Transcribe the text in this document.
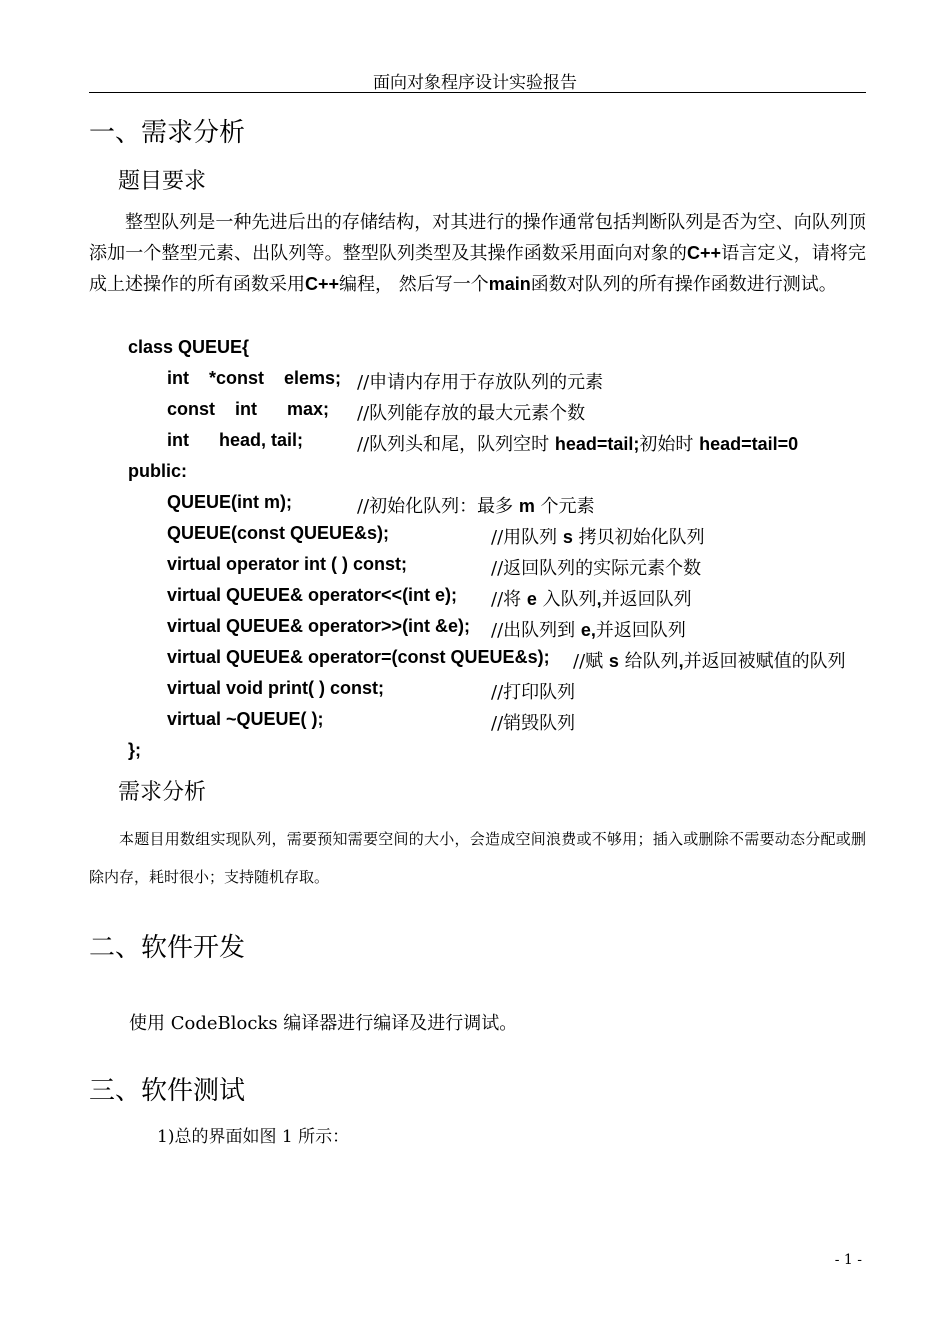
面向对象程序设计实验报告
一、需求分析
题目要求
整型队列是一种先进后出的存储结构，对其进行的操作通常包括判断队列是否为空、向队列顶添加一个整型元素、出队列等。整型队列类型及其操作函数采用面向对象的C++语言定义，请将完成上述操作的所有函数采用C++编程， 然后写一个main函数对队列的所有操作函数进行测试。
class QUEUE{
int    *const    elems; //申请内存用于存放队列的元素
const    int      max; //队列能存放的最大元素个数
int      head, tail;	//队列头和尾，队列空时 head=tail;初始时 head=tail=0
public:
QUEUE(int m);	//初始化队列：最多 m 个元素
QUEUE(const QUEUE&s);	//用队列 s 拷贝初始化队列
virtual operator int ( ) const;	//返回队列的实际元素个数
virtual QUEUE& operator<<(int e); //将 e 入队列,并返回队列
virtual QUEUE& operator>>(int &e); //出队列到 e,并返回队列
virtual QUEUE& operator=(const QUEUE&s); //赋 s 给队列,并返回被赋值的队列
virtual void print( ) const;	//打印队列
virtual ~QUEUE( );	//销毁队列
};
需求分析
本题目用数组实现队列，需要预知需要空间的大小，会造成空间浪费或不够用；插入或删除不需要动态分配或删除内存，耗时很小；支持随机存取。
二、软件开发
使用 CodeBlocks 编译器进行编译及进行调试。
三、软件测试
1)总的界面如图 1 所示：
- 1 -
